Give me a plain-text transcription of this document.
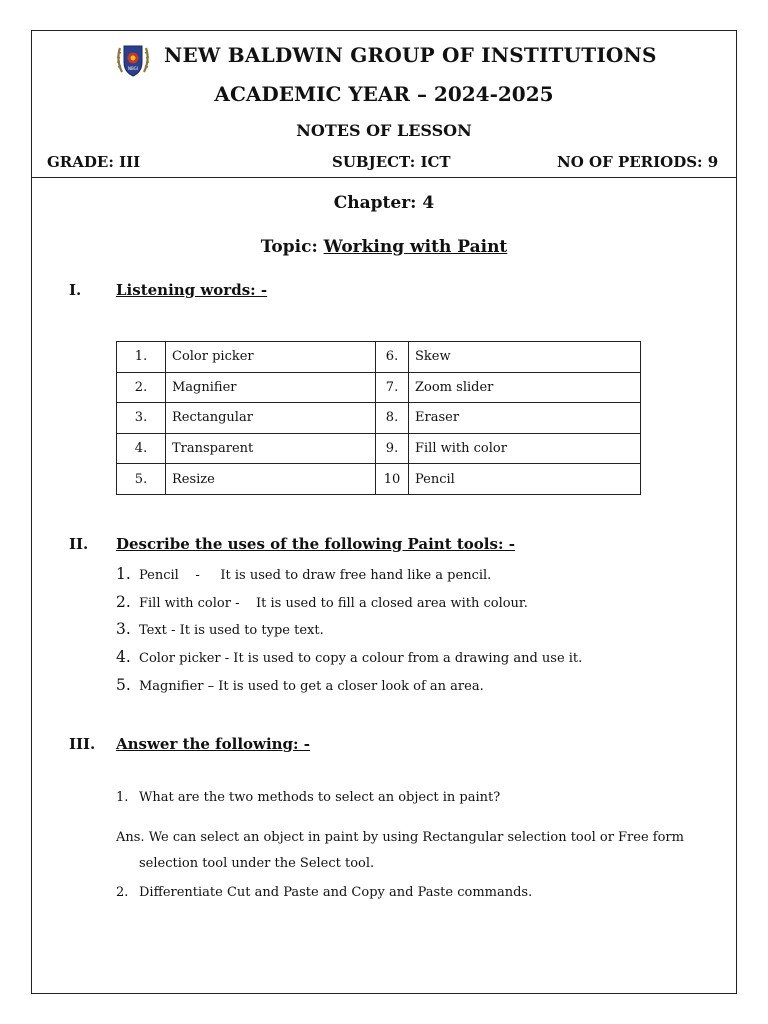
NBGI
NEW BALDWIN GROUP OF INSTITUTIONS
ACADEMIC YEAR – 2024-2025
NOTES OF LESSON
GRADE: III	SUBJECT: ICT	NO OF PERIODS: 9
Chapter: 4
Topic: Working with Paint
I. Listening words: -
1.	Color picker	6.	Skew
2.	Magnifier	7.	Zoom slider
3.	Rectangular	8.	Eraser
4.	Transparent	9.	Fill with color
5.	Resize	10	Pencil
II. Describe the uses of the following Paint tools: -
1. Pencil    -     It is used to draw free hand like a pencil.
2. Fill with color -    It is used to fill a closed area with colour.
3. Text - It is used to type text.
4. Color picker - It is used to copy a colour from a drawing and use it.
5. Magnifier – It is used to get a closer look of an area.
III. Answer the following: -
1. What are the two methods to select an object in paint?
Ans. We can select an object in paint by using Rectangular selection tool or Free form
selection tool under the Select tool.
2. Differentiate Cut and Paste and Copy and Paste commands.
